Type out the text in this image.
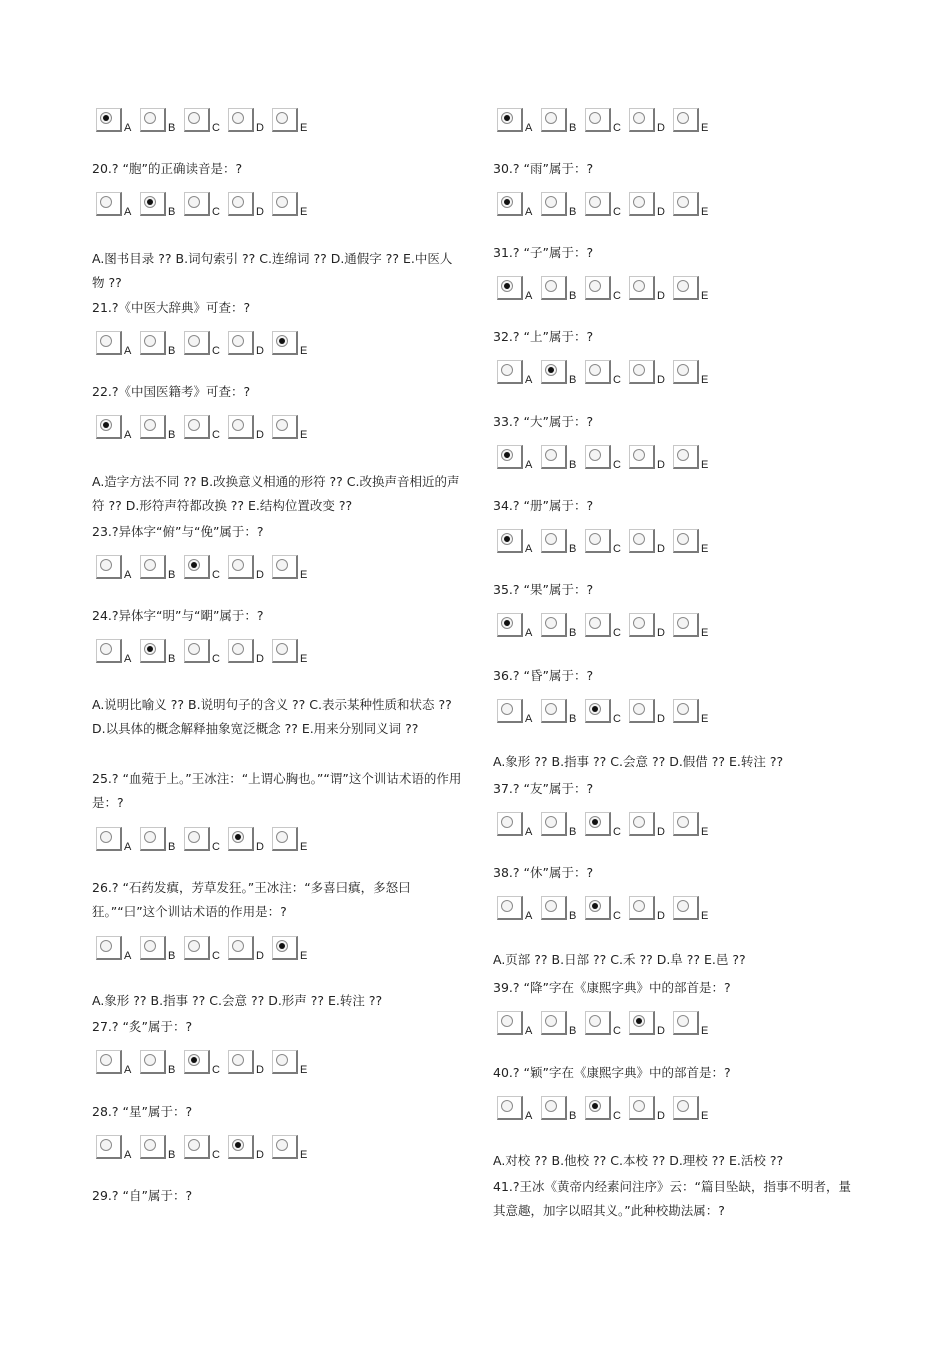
A	B	C	D	E
20.? “胞”的正确读音是：?
A	B	C	D	E
A.图书目录 ?? B.词句索引 ?? C.连绵词 ?? D.通假字 ?? E.中医人物 ??
21.?《中医大辞典》可查：?
A	B	C	D	E
22.?《中国医籍考》可查：?
A	B	C	D	E
A.造字方法不同 ?? B.改换意义相通的形符 ?? C.改换声音相近的声符 ?? D.形符声符都改换 ?? E.结构位置改变 ??
23.?异体字“俯”与“俛”属于：?
A	B	C	D	E
24.?异体字“明”与“朙”属于：?
A	B	C	D	E
A.说明比喻义 ?? B.说明句子的含义 ?? C.表示某种性质和状态 ?? D.以具体的概念解释抽象宽泛概念 ?? E.用来分别同义词 ??
25.? “血菀于上。”王冰注：“上谓心胸也。”“谓”这个训诂术语的作用是：?
A	B	C	D	E
26.? “石药发瘨，芳草发狂。”王冰注：“多喜曰瘨，多怒曰狂。”“曰”这个训诂术语的作用是：?
A	B	C	D	E
A.象形 ?? B.指事 ?? C.会意 ?? D.形声 ?? E.转注 ??
27.? “炙”属于：?
A	B	C	D	E
28.? “星”属于：?
A	B	C	D	E
29.? “自”属于：?
A	B	C	D	E
30.? “雨”属于：?
A	B	C	D	E
31.? “子”属于：?
A	B	C	D	E
32.? “上”属于：?
A	B	C	D	E
33.? “大”属于：?
A	B	C	D	E
34.? “册”属于：?
A	B	C	D	E
35.? “果”属于：?
A	B	C	D	E
36.? “昏”属于：?
A	B	C	D	E
A.象形 ?? B.指事 ?? C.会意 ?? D.假借 ?? E.转注 ??
37.? “友”属于：?
A	B	C	D	E
38.? “休”属于：?
A	B	C	D	E
A.页部 ?? B.日部 ?? C.禾 ?? D.阜 ?? E.邑 ??
39.? “降”字在《康熙字典》中的部首是：?
A	B	C	D	E
40.? “颖”字在《康熙字典》中的部首是：?
A	B	C	D	E
A.对校 ?? B.他校 ?? C.本校 ?? D.理校 ?? E.活校 ??
41.?王冰《黄帝内经素问注序》云：“篇目坠缺，指事不明者，量其意趣，加字以昭其义。”此种校勘法属：?
